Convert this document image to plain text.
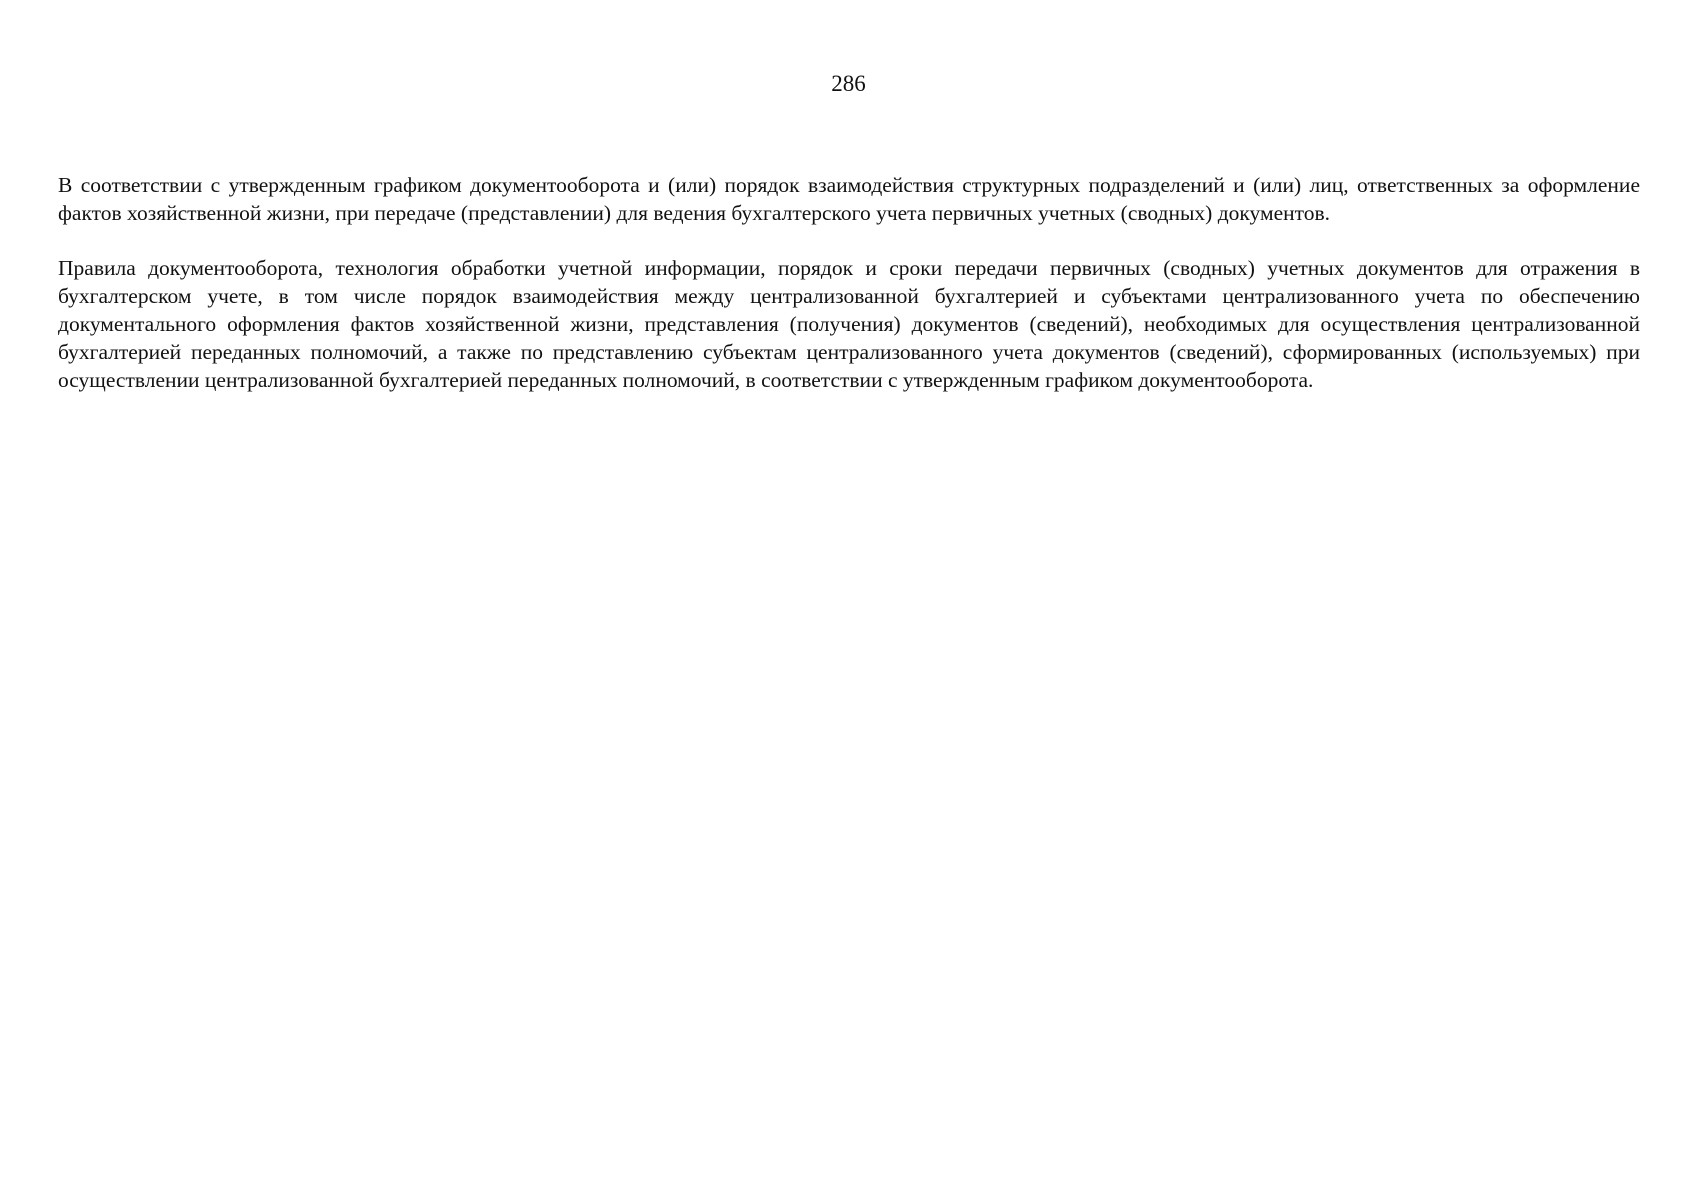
286

В соответствии с утвержденным графиком документооборота и (или) порядок взаимодействия структурных подразделений и (или) лиц, ответственных за оформление фактов хозяйственной жизни, при передаче (представлении) для ведения бухгалтерского учета первичных учетных (сводных) документов.

Правила документооборота, технология обработки учетной информации, порядок и сроки передачи первичных (сводных) учетных документов для отражения в бухгалтерском учете, в том числе порядок взаимодействия между централизованной бухгалтерией и субъектами централизованного учета по обеспечению документального оформления фактов хозяйственной жизни, представления (получения) документов (сведений), необходимых для осуществления централизованной бухгалтерией переданных полномочий, а также по представлению субъектам централизованного учета документов (сведений), сформированных (используемых) при осуществлении централизованной бухгалтерией переданных полномочий, в соответствии с утвержденным графиком документооборота.
